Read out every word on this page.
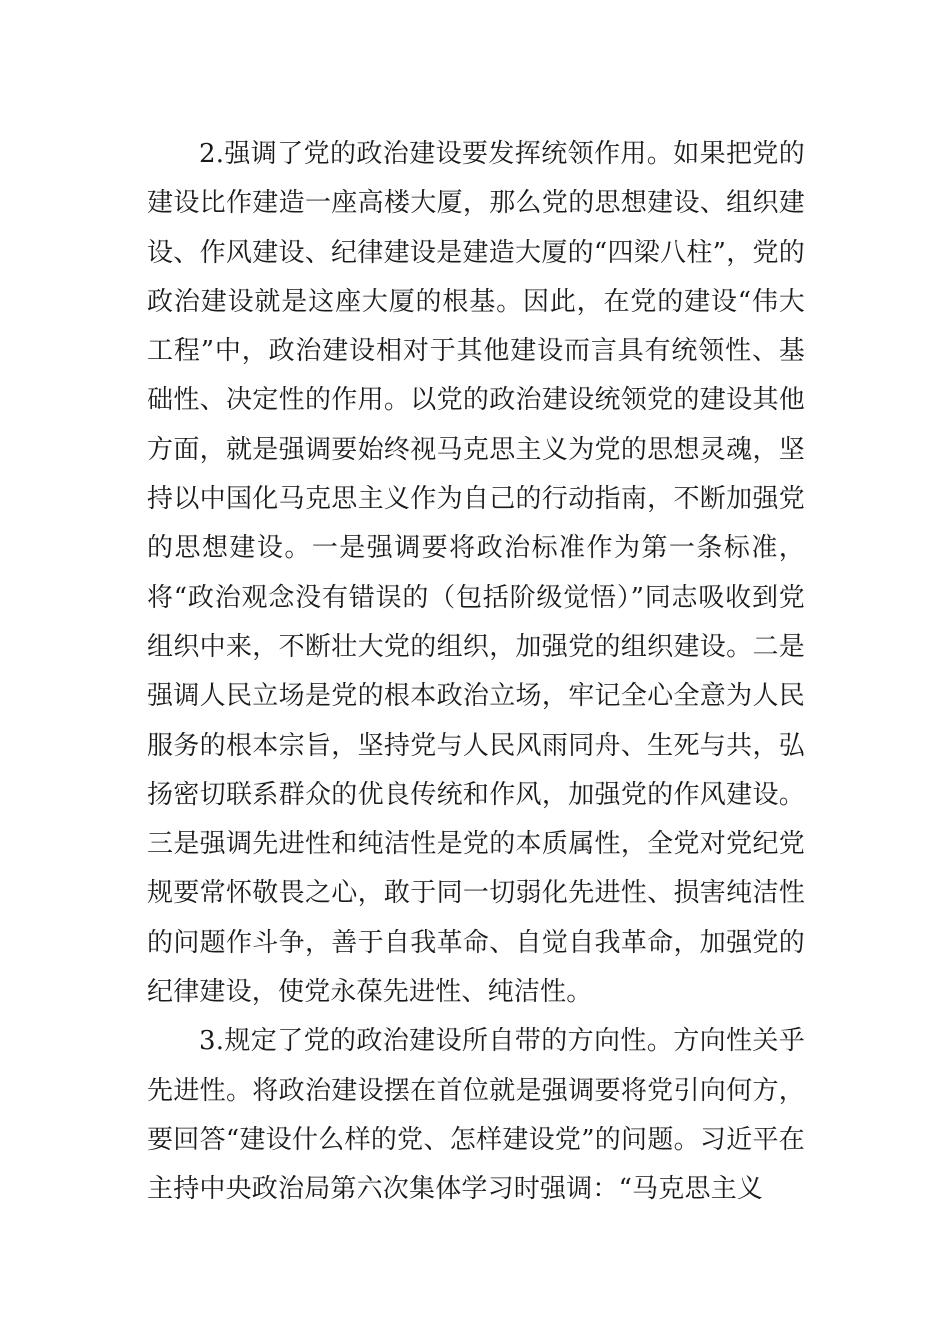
2.强调了党的政治建设要发挥统领作用。如果把党的建设比作建造一座高楼大厦，那么党的思想建设、组织建设、作风建设、纪律建设是建造大厦的“四梁八柱”，党的政治建设就是这座大厦的根基。因此，在党的建设“伟大工程”中，政治建设相对于其他建设而言具有统领性、基础性、决定性的作用。以党的政治建设统领党的建设其他方面，就是强调要始终视马克思主义为党的思想灵魂，坚持以中国化马克思主义作为自己的行动指南，不断加强党的思想建设。一是强调要将政治标准作为第一条标准，将“政治观念没有错误的（包括阶级觉悟）”同志吸收到党组织中来，不断壮大党的组织，加强党的组织建设。二是强调人民立场是党的根本政治立场，牢记全心全意为人民服务的根本宗旨，坚持党与人民风雨同舟、生死与共，弘扬密切联系群众的优良传统和作风，加强党的作风建设。三是强调先进性和纯洁性是党的本质属性，全党对党纪党规要常怀敬畏之心，敢于同一切弱化先进性、损害纯洁性的问题作斗争，善于自我革命、自觉自我革命，加强党的纪律建设，使党永葆先进性、纯洁性。

3.规定了党的政治建设所自带的方向性。方向性关乎先进性。将政治建设摆在首位就是强调要将党引向何方，要回答“建设什么样的党、怎样建设党”的问题。习近平在主持中央政治局第六次集体学习时强调：“马克思主义
